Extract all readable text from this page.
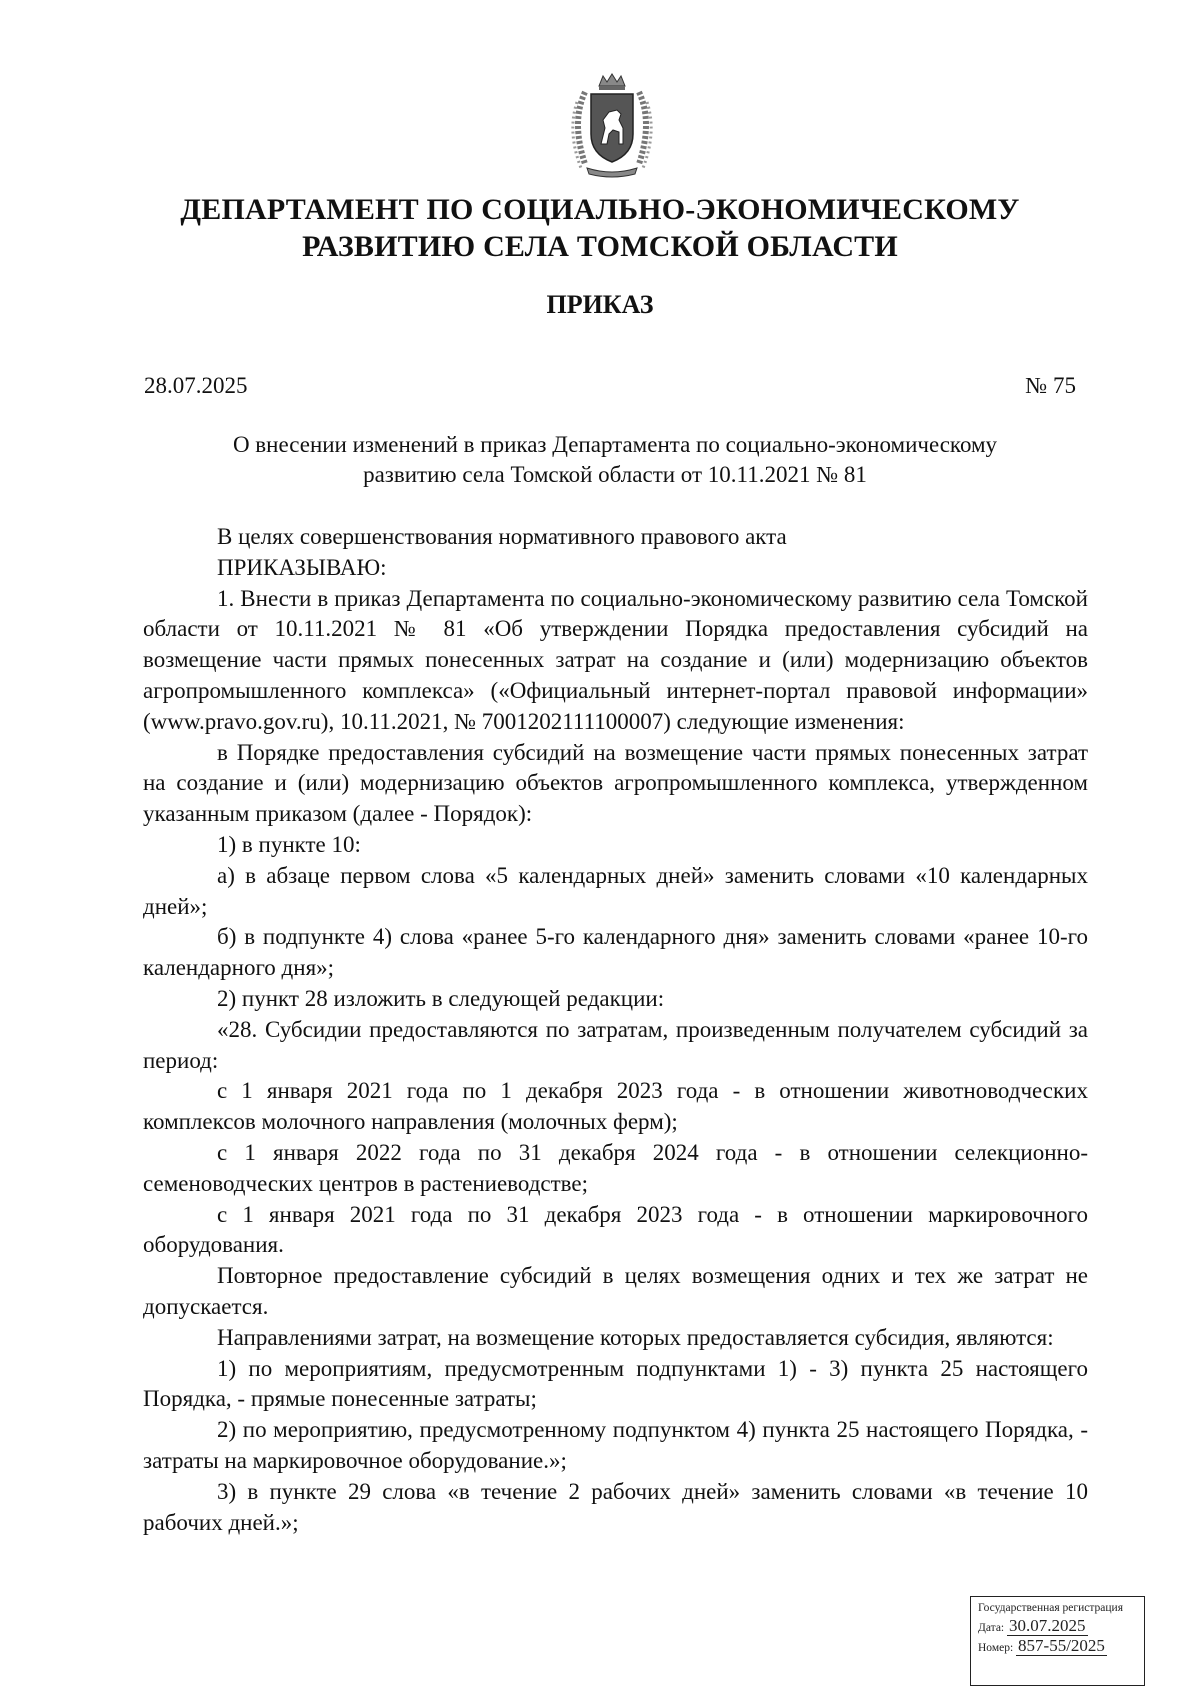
ДЕПАРТАМЕНТ ПО СОЦИАЛЬНО-ЭКОНОМИЧЕСКОМУ
РАЗВИТИЮ СЕЛА ТОМСКОЙ ОБЛАСТИ
ПРИКАЗ
28.07.2025	№ 75
О внесении изменений в приказ Департамента по социально-экономическому
развитию села Томской области от 10.11.2021 № 81

В целях совершенствования нормативного правового акта

ПРИКАЗЫВАЮ:

1. Внести в приказ Департамента по социально-экономическому развитию села Томской области от 10.11.2021 № 81 «Об утверждении Порядка предоставления субсидий на возмещение части прямых понесенных затрат на создание и (или) модернизацию объектов агропромышленного комплекса» («Официальный интернет-портал правовой информации» (www.pravo.gov.ru), 10.11.2021, № 7001202111100007) следующие изменения:

в Порядке предоставления субсидий на возмещение части прямых понесенных затрат на создание и (или) модернизацию объектов агропромышленного комплекса, утвержденном указанным приказом (далее - Порядок):

1) в пункте 10:

а) в абзаце первом слова «5 календарных дней» заменить словами «10 календарных дней»;

б) в подпункте 4) слова «ранее 5-го календарного дня» заменить словами «ранее 10-го календарного дня»;

2) пункт 28 изложить в следующей редакции:

«28. Субсидии предоставляются по затратам, произведенным получателем субсидий за период:

с 1 января 2021 года по 1 декабря 2023 года - в отношении животноводческих комплексов молочного направления (молочных ферм);

с 1 января 2022 года по 31 декабря 2024 года - в отношении селекционно-семеноводческих центров в растениеводстве;

с 1 января 2021 года по 31 декабря 2023 года - в отношении маркировочного оборудования.

Повторное предоставление субсидий в целях возмещения одних и тех же затрат не допускается.

Направлениями затрат, на возмещение которых предоставляется субсидия, являются:

1) по мероприятиям, предусмотренным подпунктами 1) - 3) пункта 25 настоящего Порядка, - прямые понесенные затраты;

2) по мероприятию, предусмотренному подпунктом 4) пункта 25 настоящего Порядка, - затраты на маркировочное оборудование.»;

3) в пункте 29 слова «в течение 2 рабочих дней» заменить словами «в течение 10 рабочих дней.»;

Государственная регистрация
Дата: 30.07.2025
Номер: 857-55/2025
